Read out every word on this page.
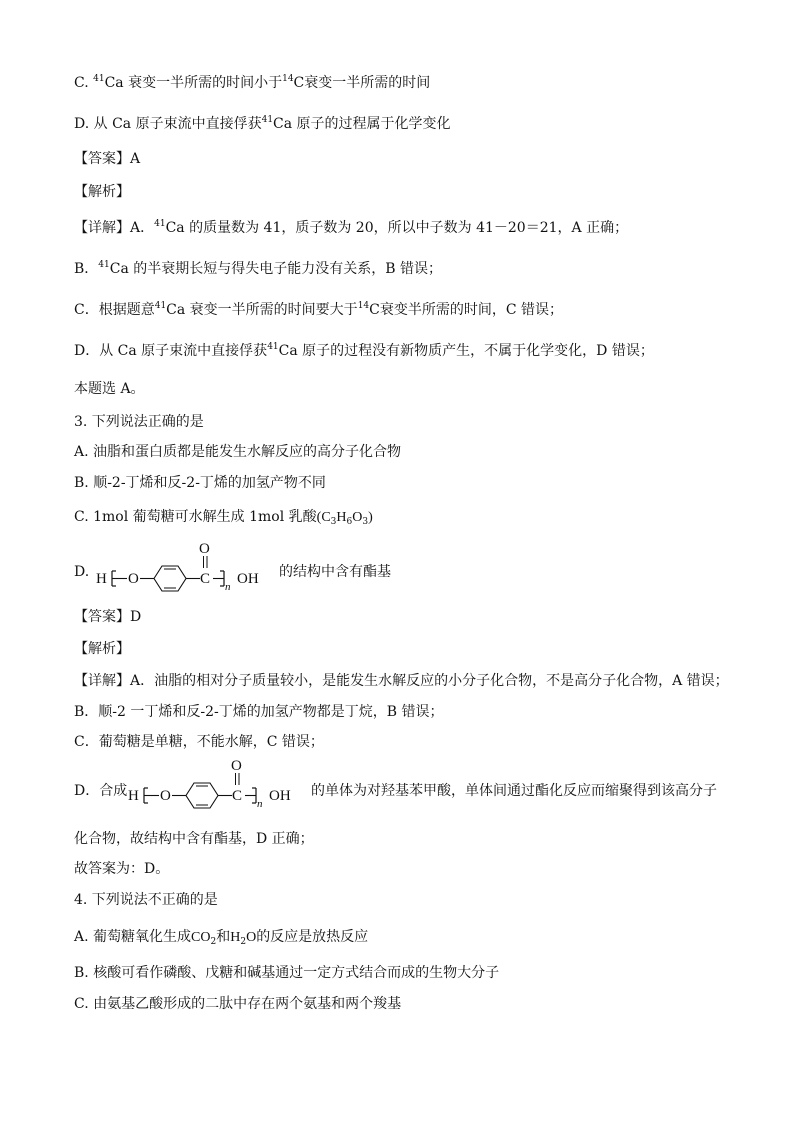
C. $^{41}$Ca 衰变一半所需的时间小于$^{14}$C衰变一半所需的时间
D. 从 Ca 原子束流中直接俘获$^{41}$Ca 原子的过程属于化学变化
【答案】A
【解析】
【详解】A．$^{41}$Ca 的质量数为 41，质子数为 20，所以中子数为 41－20＝21，A 正确；
B．$^{41}$Ca 的半衰期长短与得失电子能力没有关系，B 错误；
C．根据题意$^{41}$Ca 衰变一半所需的时间要大于$^{14}$C衰变半所需的时间，C 错误；
D．从 Ca 原子束流中直接俘获$^{41}$Ca 原子的过程没有新物质产生，不属于化学变化，D 错误；
本题选 A。
3. 下列说法正确的是
A. 油脂和蛋白质都是能发生水解反应的高分子化合物
B. 顺-2-丁烯和反-2-丁烯的加氢产物不同
C. 1mol 葡萄糖可水解生成 1mol 乳酸$(C_3H_6O_3)$
D. H O	C
O
n OH 的结构中含有酯基
【答案】D
【解析】
【详解】A．油脂的相对分子质量较小，是能发生水解反应的小分子化合物，不是高分子化合物，A 错误；
B．顺-2 一丁烯和反-2-丁烯的加氢产物都是丁烷，B 错误；
C．葡萄糖是单糖，不能水解，C 错误；
D．合成 H O	C
O
n OH 的单体为对羟基苯甲酸，单体间通过酯化反应而缩聚得到该高分子
化合物，故结构中含有酯基，D 正确；
故答案为：D。
4. 下列说法不正确的是
A. 葡萄糖氧化生成$CO_2$和$H_2O$的反应是放热反应
B. 核酸可看作磷酸、戊糖和碱基通过一定方式结合而成的生物大分子
C. 由氨基乙酸形成的二肽中存在两个氨基和两个羧基
